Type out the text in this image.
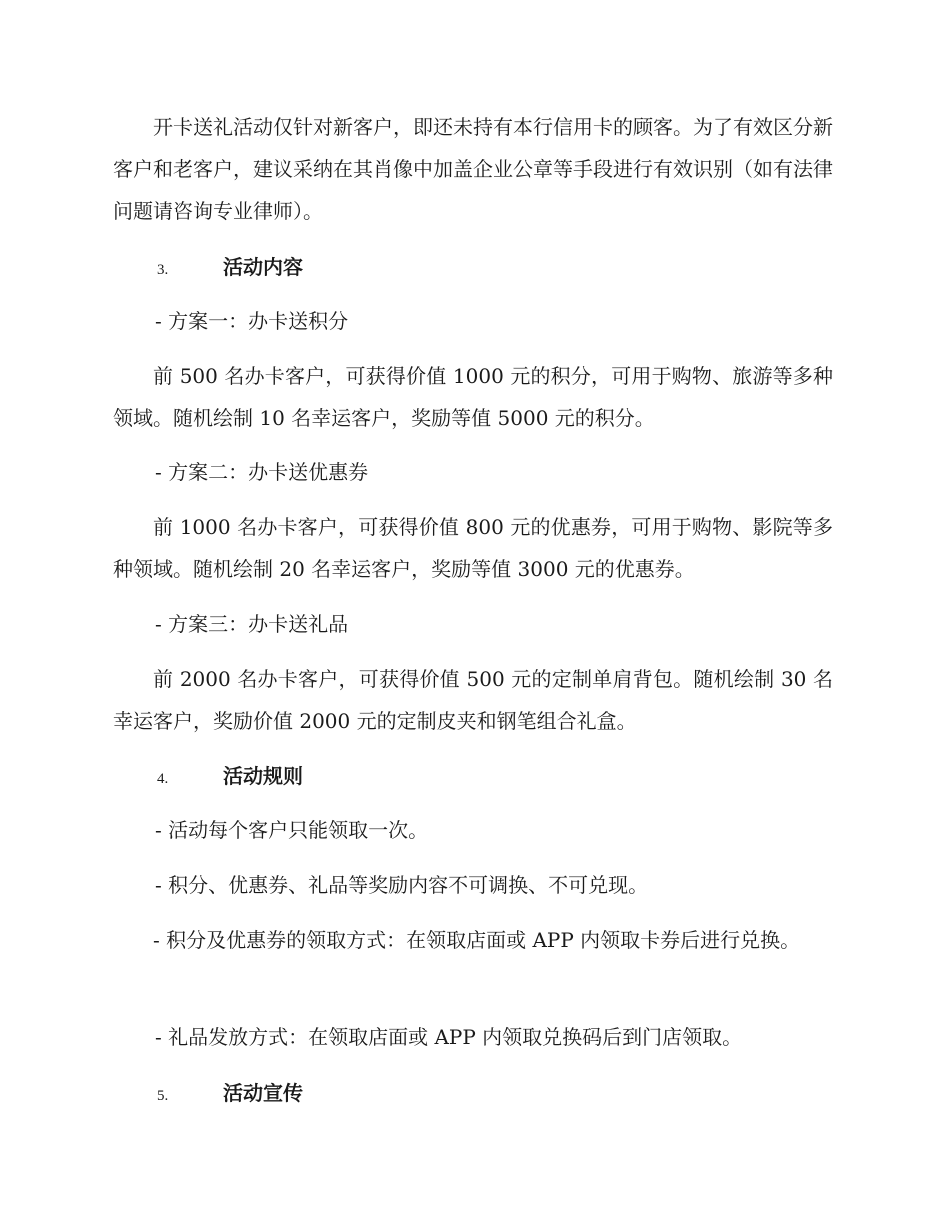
开卡送礼活动仅针对新客户，即还未持有本行信用卡的顾客。为了有效区分新客户和老客户，建议采纳在其肖像中加盖企业公章等手段进行有效识别（如有法律问题请咨询专业律师）。

3.	活动内容

- 方案一：办卡送积分

前 500 名办卡客户，可获得价值 1000 元的积分，可用于购物、旅游等多种领域。随机绘制 10 名幸运客户，奖励等值 5000 元的积分。

- 方案二：办卡送优惠券

前 1000 名办卡客户，可获得价值 800 元的优惠券，可用于购物、影院等多种领域。随机绘制 20 名幸运客户，奖励等值 3000 元的优惠券。

- 方案三：办卡送礼品

前 2000 名办卡客户，可获得价值 500 元的定制单肩背包。随机绘制 30 名幸运客户，奖励价值 2000 元的定制皮夹和钢笔组合礼盒。

4.	活动规则

- 活动每个客户只能领取一次。

- 积分、优惠券、礼品等奖励内容不可调换、不可兑现。

- 积分及优惠券的领取方式：在领取店面或 APP 内领取卡券后进行兑换。

- 礼品发放方式：在领取店面或 APP 内领取兑换码后到门店领取。

5.	活动宣传
